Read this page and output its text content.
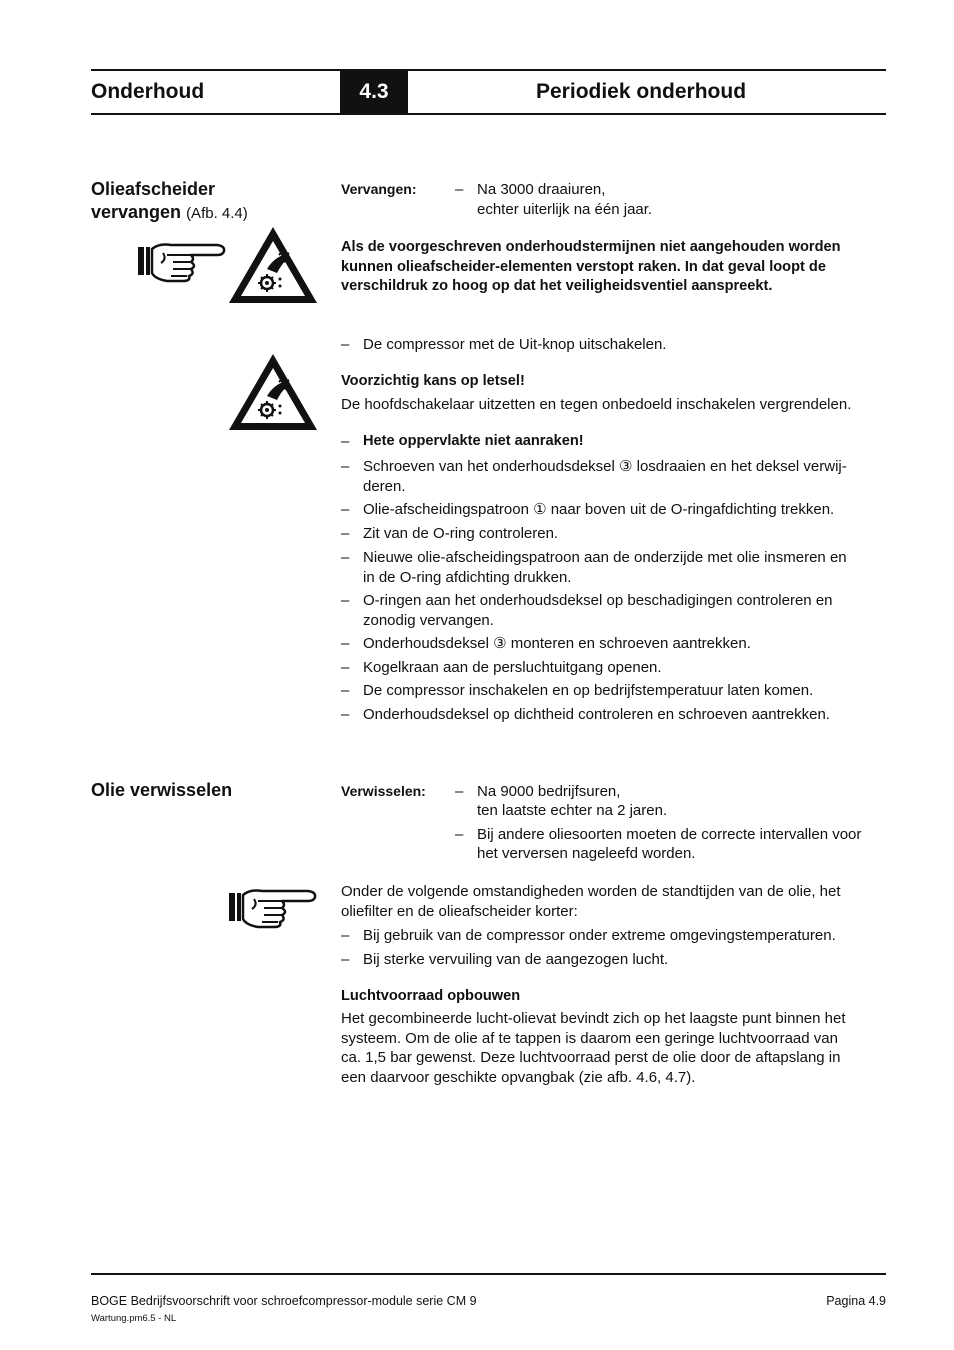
Onderhoud	4.3	Periodiek onderhoud
Olieafscheider
vervangen (Afb. 4.4)
Vervangen:	– Na 3000 draaiuren,
echter uiterlijk na één jaar.
Als de voorgeschreven onderhoudstermijnen niet aangehouden worden
kunnen olieafscheider-elementen verstopt raken. In dat geval loopt de
verschildruk zo hoog op dat het veiligheidsventiel aanspreekt.
– De compressor met de Uit-knop uitschakelen.
Voorzichtig kans op letsel!
De hoofdschakelaar uitzetten en tegen onbedoeld inschakelen vergrendelen.
– Hete oppervlakte niet aanraken!
– Schroeven van het onderhoudsdeksel ③ losdraaien en het deksel verwij-
deren.
– Olie-afscheidingspatroon ① naar boven uit de O-ringafdichting trekken.
– Zit van de O-ring controleren.
– Nieuwe olie-afscheidingspatroon aan de onderzijde met olie insmeren en
in de O-ring afdichting drukken.
– O-ringen aan het onderhoudsdeksel op beschadigingen controleren en
zonodig vervangen.
– Onderhoudsdeksel ③ monteren en schroeven aantrekken.
– Kogelkraan aan de persluchtuitgang openen.
– De compressor inschakelen en op bedrijfstemperatuur laten komen.
– Onderhoudsdeksel op dichtheid controleren en schroeven aantrekken.
Olie verwisselen	Verwisselen: – Na 9000 bedrijfsuren,
ten laatste echter na 2 jaren.
– Bij andere oliesoorten moeten de correcte intervallen voor
het verversen nageleefd worden.
Onder de volgende omstandigheden worden de standtijden van de olie, het
oliefilter en de olieafscheider korter:
– Bij gebruik van de compressor onder extreme omgevingstemperaturen.
– Bij sterke vervuiling van de aangezogen lucht.
Luchtvoorraad opbouwen
Het gecombineerde lucht-olievat bevindt zich op het laagste punt binnen het
systeem. Om de olie af te tappen is daarom een geringe luchtvoorraad van
ca. 1,5 bar gewenst. Deze luchtvoorraad perst de olie door de aftapslang in
een daarvoor geschikte opvangbak (zie afb. 4.6, 4.7).
BOGE Bedrijfsvoorschrift voor schroefcompressor-module serie CM 9	Pagina 4.9
Wartung.pm6.5 - NL
